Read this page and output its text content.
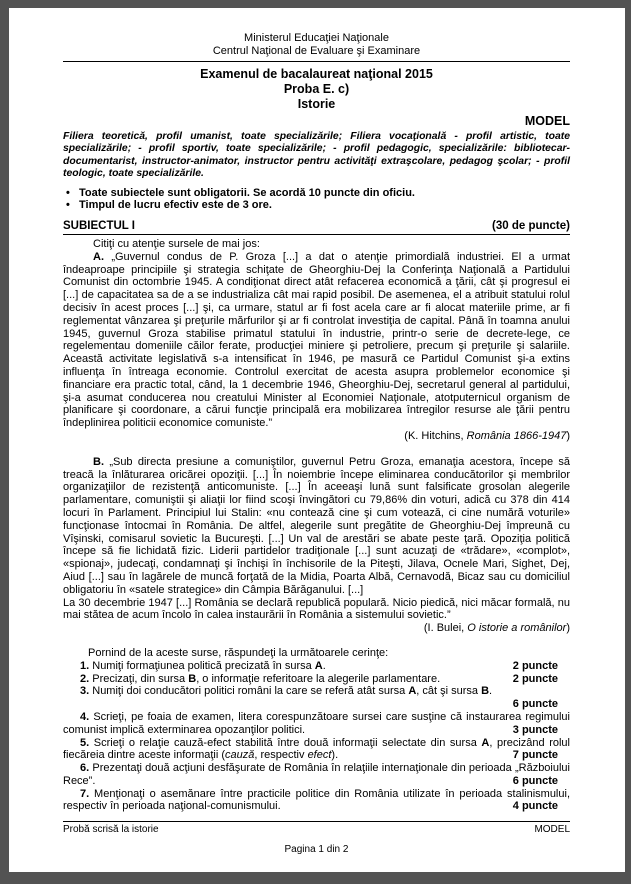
Ministerul Educaţiei Naţionale
Centrul Naţional de Evaluare şi Examinare
Examenul de bacalaureat naţional 2015
Proba E. c)
Istorie
MODEL
Filiera teoretică, profil umanist, toate specializările; Filiera vocaţională - profil artistic, toate specializările; - profil sportiv, toate specializările; - profil pedagogic, specializările: bibliotecar-documentarist, instructor-animator, instructor pentru activităţi extraşcolare, pedagog şcolar; - profil teologic, toate specializările.
• Toate subiectele sunt obligatorii. Se acordă 10 puncte din oficiu.
• Timpul de lucru efectiv este de 3 ore.
SUBIECTUL I	(30 de puncte)
Citiţi cu atenţie sursele de mai jos:
A. „Guvernul condus de P. Groza [...] a dat o atenţie primordială industriei. El a urmat îndeaproape principiile şi strategia schiţate de Gheorghiu-Dej la Conferinţa Naţională a Partidului Comunist din octombrie 1945. A condiţionat direct atât refacerea economică a ţării, cât şi progresul ei [...] de capacitatea sa de a se industrializa cât mai rapid posibil. De asemenea, el a atribuit statului rolul decisiv în acest proces [...] şi, ca urmare, statul ar fi fost acela care ar fi alocat materiile prime, ar fi reglementat vânzarea şi preţurile mărfurilor şi ar fi controlat investiţia de capital. Până în toamna anului 1945, guvernul Groza stabilise primatul statului în industrie, printr-o serie de decrete-lege, ce regelementau domeniile căilor ferate, producţiei miniere şi petroliere, precum şi preţurile şi salariile. Această activitate legislativă s-a intensificat în 1946, pe masură ce Partidul Comunist şi-a extins influenţa în întreaga economie. Controlul exercitat de acesta asupra problemelor economice şi financiare era practic total, când, la 1 decembrie 1946, Gheorghiu-Dej, secretarul general al partidului, şi-a asumat conducerea nou creatului Minister al Economiei Naţionale, atotputernicul organism de planificare şi coordonare, a cărui funcţie principală era mobilizarea întregilor resurse ale ţării pentru îndeplinirea politicii economice comuniste.”
(K. Hitchins, România 1866-1947)
B. „Sub directa presiune a comuniştilor, guvernul Petru Groza, emanaţia acestora, începe să treacă la înlăturarea oricărei opoziţii. [...] În noiembrie începe eliminarea conducătorilor şi membrilor organizaţiilor de rezistenţă anticomuniste. [...] În aceeaşi lună sunt falsificate grosolan alegerile parlamentare, comuniştii şi aliaţii lor fiind scoşi învingători cu 79,86% din voturi, adică cu 378 din 414 locuri în Parlament. Principiul lui Stalin: «nu contează cine şi cum votează, ci cine numără voturile» funcţionase întocmai în România. De altfel, alegerile sunt pregătite de Gheorghiu-Dej împreună cu Vîşinski, comisarul sovietic la Bucureşti. [...] Un val de arestări se abate peste ţară. Opoziţia politică începe să fie lichidată fizic. Liderii partidelor tradiţionale [...] sunt acuzaţi de «trădare», «complot», «spionaj», judecaţi, condamnaţi şi închişi în închisorile de la Piteşti, Jilava, Ocnele Mari, Sighet, Dej, Aiud [...] sau în lagărele de muncă forţată de la Midia, Poarta Albă, Cernavodă, Bicaz sau cu domiciliul obligatoriu în «satele strategice» din Câmpia Bărăganului. [...]
La 30 decembrie 1947 [...] România se declară republică populară. Nicio piedică, nici măcar formală, nu mai stătea de acum încolo în calea instaurării în România a sistemului sovietic.”
(I. Bulei, O istorie a românilor)
Pornind de la aceste surse, răspundeţi la următoarele cerinţe:
1. Numiţi formaţiunea politică precizată în sursa A.	2 puncte
2. Precizaţi, din sursa B, o informaţie referitoare la alegerile parlamentare.	2 puncte
3. Numiţi doi conducători politici români la care se referă atât sursa A, cât şi sursa B.
6 puncte
4. Scrieţi, pe foaia de examen, litera corespunzătoare sursei care susţine că instaurarea regimului comunist implică exterminarea opozanţilor politici.	3 puncte
5. Scrieţi o relaţie cauză-efect stabilită între două informaţii selectate din sursa A, precizând rolul fiecăreia dintre aceste informaţii (cauză, respectiv efect).	7 puncte
6. Prezentaţi două acţiuni desfăşurate de România în relaţiile internaţionale din perioada „Războiului Rece”.	6 puncte
7. Menţionaţi o asemănare între practicile politice din România utilizate în perioada stalinismului, respectiv în perioada naţional-comunismului.	4 puncte
Probă scrisă la istorie	MODEL
Pagina 1 din 2
